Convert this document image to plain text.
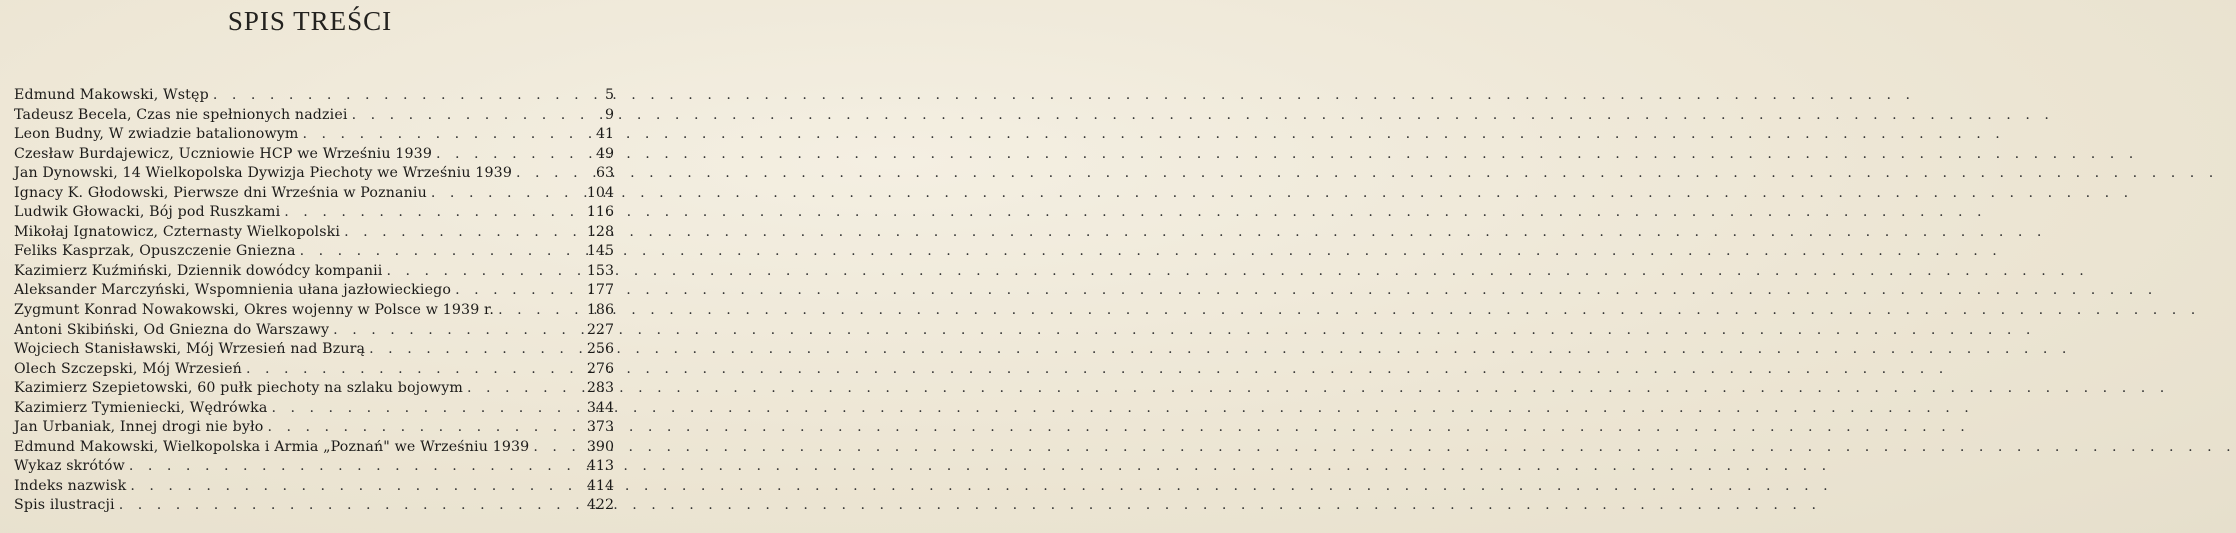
SPIS TREŚCI
Edmund Makowski, Wstęp . . .	5
Tadeusz Becela, Czas nie spełnionych nadziei . . .	9
Leon Budny, W zwiadzie batalionowym . . .	41
Czesław Burdajewicz, Uczniowie HCP we Wrześniu 1939 . . .	49
Jan Dynowski, 14 Wielkopolska Dywizja Piechoty we Wrześniu 1939 . . .	63
Ignacy K. Głodowski, Pierwsze dni Września w Poznaniu . . .	104
Ludwik Głowacki, Bój pod Ruszkami . . .	116
Mikołaj Ignatowicz, Czternasty Wielkopolski . . .	128
Feliks Kasprzak, Opuszczenie Gniezna . . .	145
Kazimierz Kuźmiński, Dziennik dowódcy kompanii . . .	153
Aleksander Marczyński, Wspomnienia ułana jazłowieckiego . . .	177
Zygmunt Konrad Nowakowski, Okres wojenny w Polsce w 1939 r. . . .	186
Antoni Skibiński, Od Gniezna do Warszawy . . .	227
Wojciech Stanisławski, Mój Wrzesień nad Bzurą . . .	256
Olech Szczepski, Mój Wrzesień . . .	276
Kazimierz Szepietowski, 60 pułk piechoty na szlaku bojowym . . .	283
Kazimierz Tymieniecki, Wędrówka . . .	344
Jan Urbaniak, Innej drogi nie było . . .	373
Edmund Makowski, Wielkopolska i Armia „Poznań" we Wrześniu 1939 . . .	390
Wykaz skrótów . . .	413
Indeks nazwisk . . .	414
Spis ilustracji . . .	422
